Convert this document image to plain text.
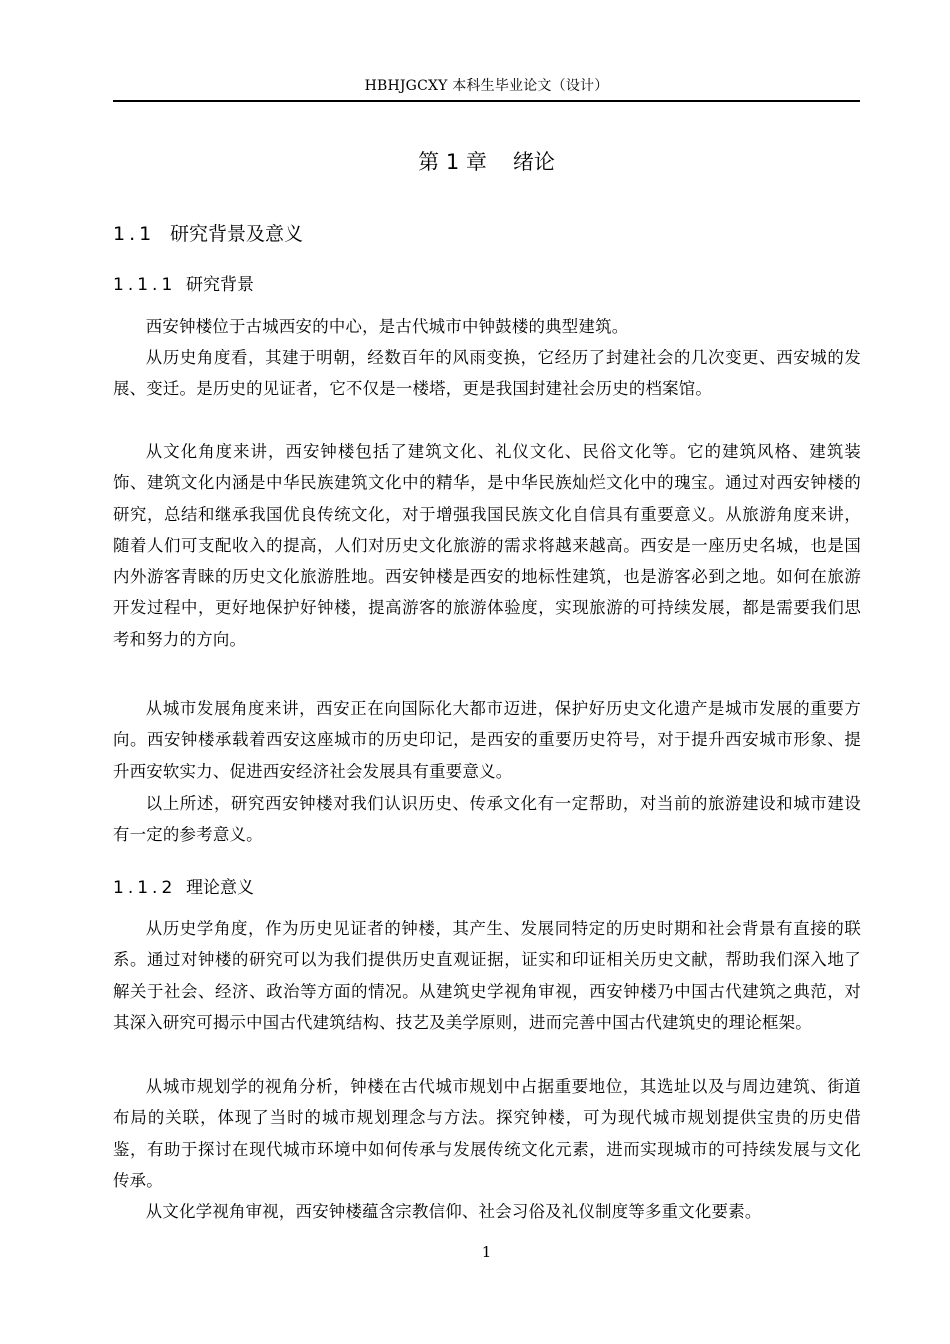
HBHJGCXY 本科生毕业论文（设计）
第 1 章 绪论
1.1 研究背景及意义
1.1.1 研究背景

西安钟楼位于古城西安的中心，是古代城市中钟鼓楼的典型建筑。

从历史角度看，其建于明朝，经数百年的风雨变换，它经历了封建社会的几次变更、西安城的发展、变迁。是历史的见证者，它不仅是一楼塔，更是我国封建社会历史的档案馆。

从文化角度来讲，西安钟楼包括了建筑文化、礼仪文化、民俗文化等。它的建筑风格、建筑装饰、建筑文化内涵是中华民族建筑文化中的精华，是中华民族灿烂文化中的瑰宝。通过对西安钟楼的研究，总结和继承我国优良传统文化，对于增强我国民族文化自信具有重要意义。从旅游角度来讲，随着人们可支配收入的提高，人们对历史文化旅游的需求将越来越高。西安是一座历史名城，也是国内外游客青睐的历史文化旅游胜地。西安钟楼是西安的地标性建筑，也是游客必到之地。如何在旅游开发过程中，更好地保护好钟楼，提高游客的旅游体验度，实现旅游的可持续发展，都是需要我们思考和努力的方向。

从城市发展角度来讲，西安正在向国际化大都市迈进，保护好历史文化遗产是城市发展的重要方向。西安钟楼承载着西安这座城市的历史印记，是西安的重要历史符号，对于提升西安城市形象、提升西安软实力、促进西安经济社会发展具有重要意义。

以上所述，研究西安钟楼对我们认识历史、传承文化有一定帮助，对当前的旅游建设和城市建设有一定的参考意义。

1.1.2 理论意义

从历史学角度，作为历史见证者的钟楼，其产生、发展同特定的历史时期和社会背景有直接的联系。通过对钟楼的研究可以为我们提供历史直观证据，证实和印证相关历史文献，帮助我们深入地了解关于社会、经济、政治等方面的情况。从建筑史学视角审视，西安钟楼乃中国古代建筑之典范，对其深入研究可揭示中国古代建筑结构、技艺及美学原则，进而完善中国古代建筑史的理论框架。

从城市规划学的视角分析，钟楼在古代城市规划中占据重要地位，其选址以及与周边建筑、街道布局的关联，体现了当时的城市规划理念与方法。探究钟楼，可为现代城市规划提供宝贵的历史借鉴，有助于探讨在现代城市环境中如何传承与发展传统文化元素，进而实现城市的可持续发展与文化传承。

从文化学视角审视，西安钟楼蕴含宗教信仰、社会习俗及礼仪制度等多重文化要素。

1
